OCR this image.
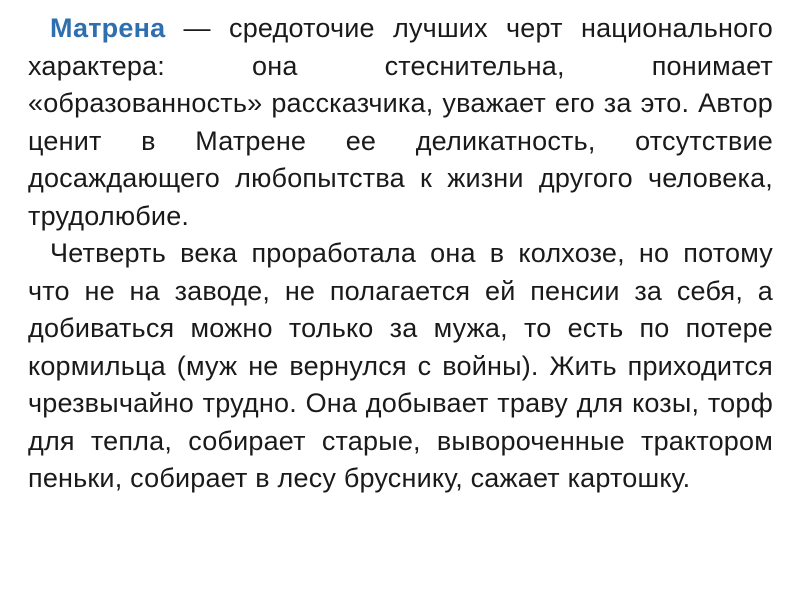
Матрена — средоточие лучших черт национального характера: она стеснительна, понимает «образованность» рассказчика, уважает его за это. Автор ценит в Матрене ее деликатность, отсутствие досаждающего любопытства к жизни другого человека, трудолюбие.

Четверть века проработала она в колхозе, но потому что не на заводе, не полагается ей пенсии за себя, а добиваться можно только за мужа, то есть по потере кормильца (муж не вернулся с войны). Жить приходится чрезвычайно трудно. Она добывает траву для козы, торф для тепла, собирает старые, вывороченные трактором пеньки, собирает в лесу бруснику, сажает картошку.
